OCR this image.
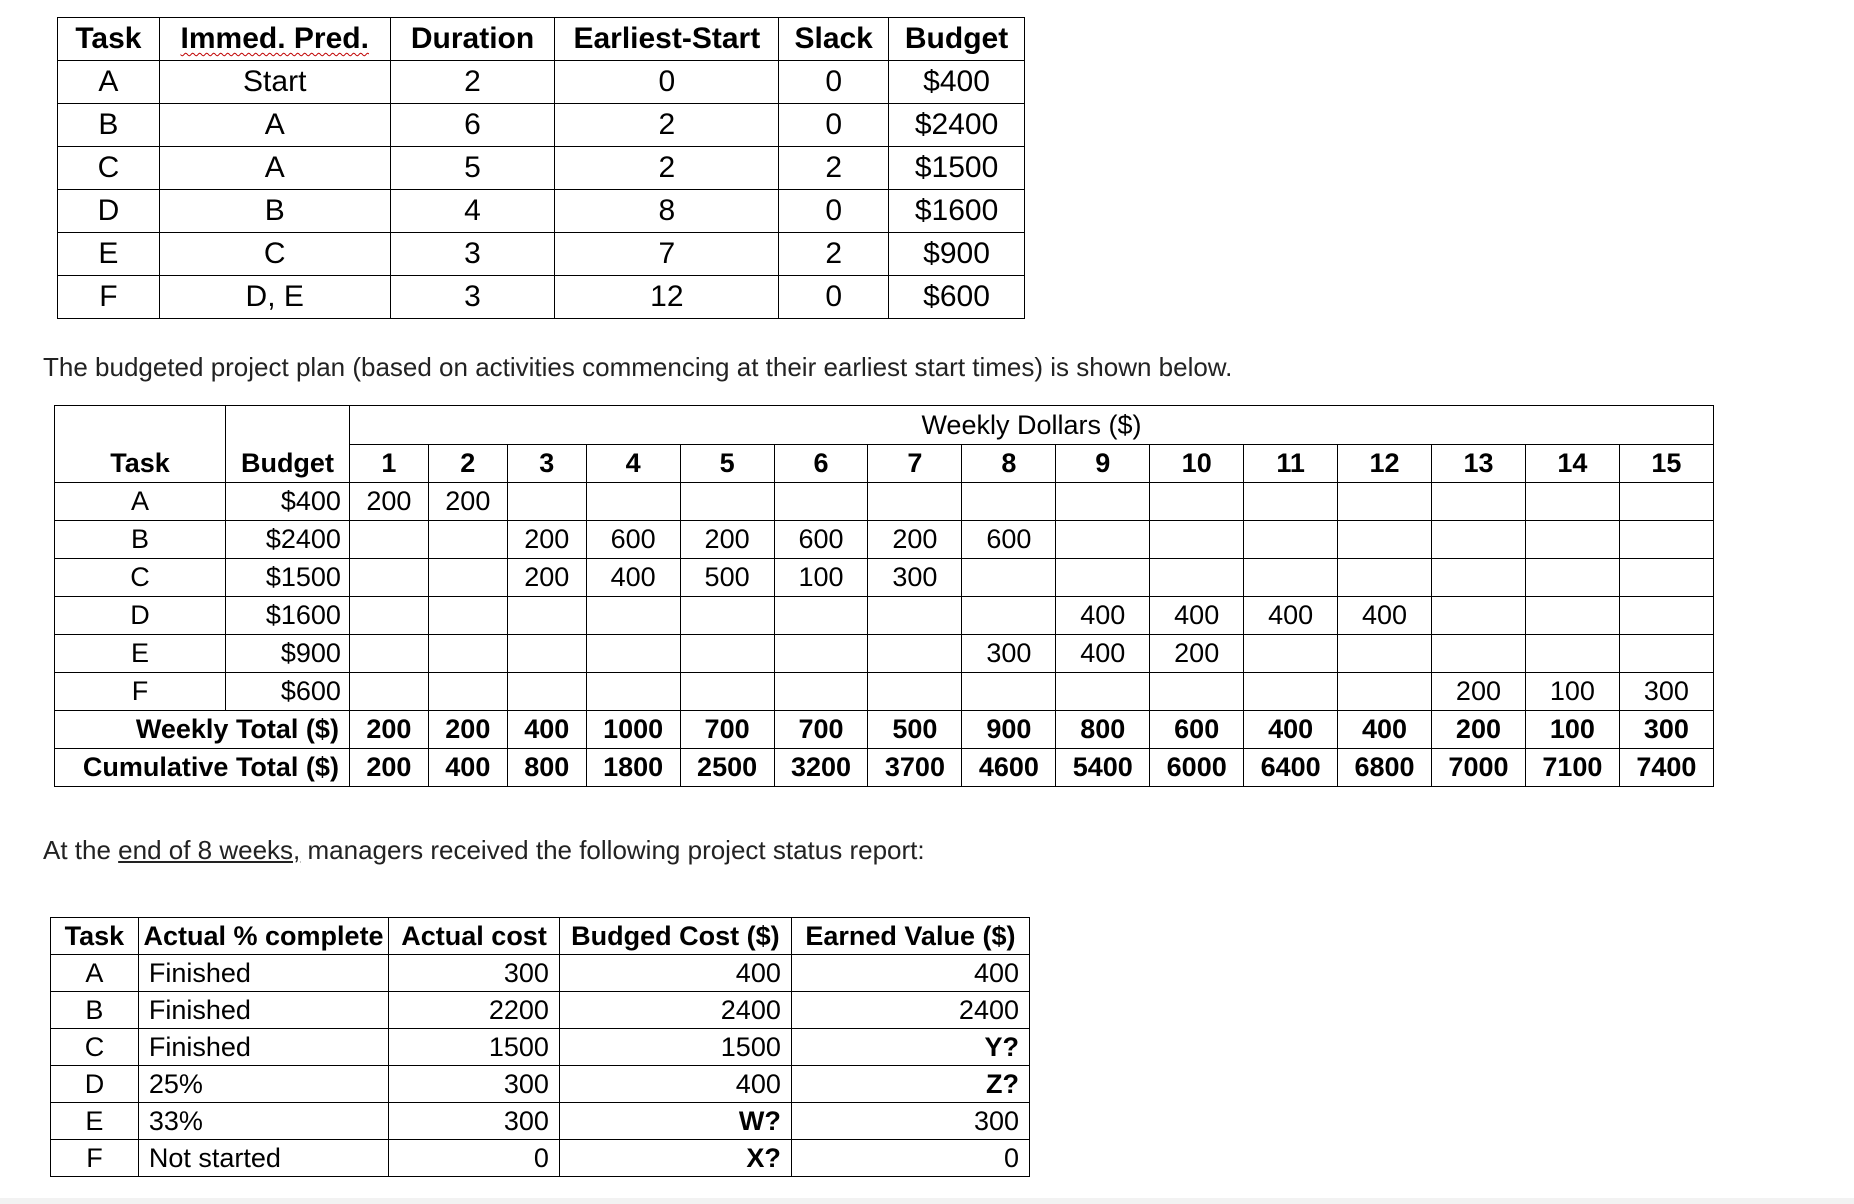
Task	Immed. Pred.	Duration	Earliest-Start	Slack	Budget
A	Start	2	0	0	$400
B	A	6	2	0	$2400
C	A	5	2	2	$1500
D	B	4	8	0	$1600
E	C	3	7	2	$900
F	D, E	3	12	0	$600
The budgeted project plan (based on activities commencing at their earliest start times) is shown below.
		Weekly Dollars ($)														
Task	Budget	1	2	3	4	5	6	7	8	9	10	11	12	13	14	15
A	$400	200	200													
B	$2400			200	600	200	600	200	600							
C	$1500			200	400	500	100	300								
D	$1600									400	400	400	400			
E	$900								300	400	200					
F	$600													200	100	300
Weekly Total ($)		200	200	400	1000	700	700	500	900	800	600	400	400	200	100	300
Cumulative Total ($)		200	400	800	1800	2500	3200	3700	4600	5400	6000	6400	6800	7000	7100	7400
At the end of 8 weeks, managers received the following project status report:
Task	Actual % complete	Actual cost	Budged Cost ($)	Earned Value ($)
A	Finished	300	400	400
B	Finished	2200	2400	2400
C	Finished	1500	1500	Y?
D	25%	300	400	Z?
E	33%	300	W?	300
F	Not started	0	X?	0
